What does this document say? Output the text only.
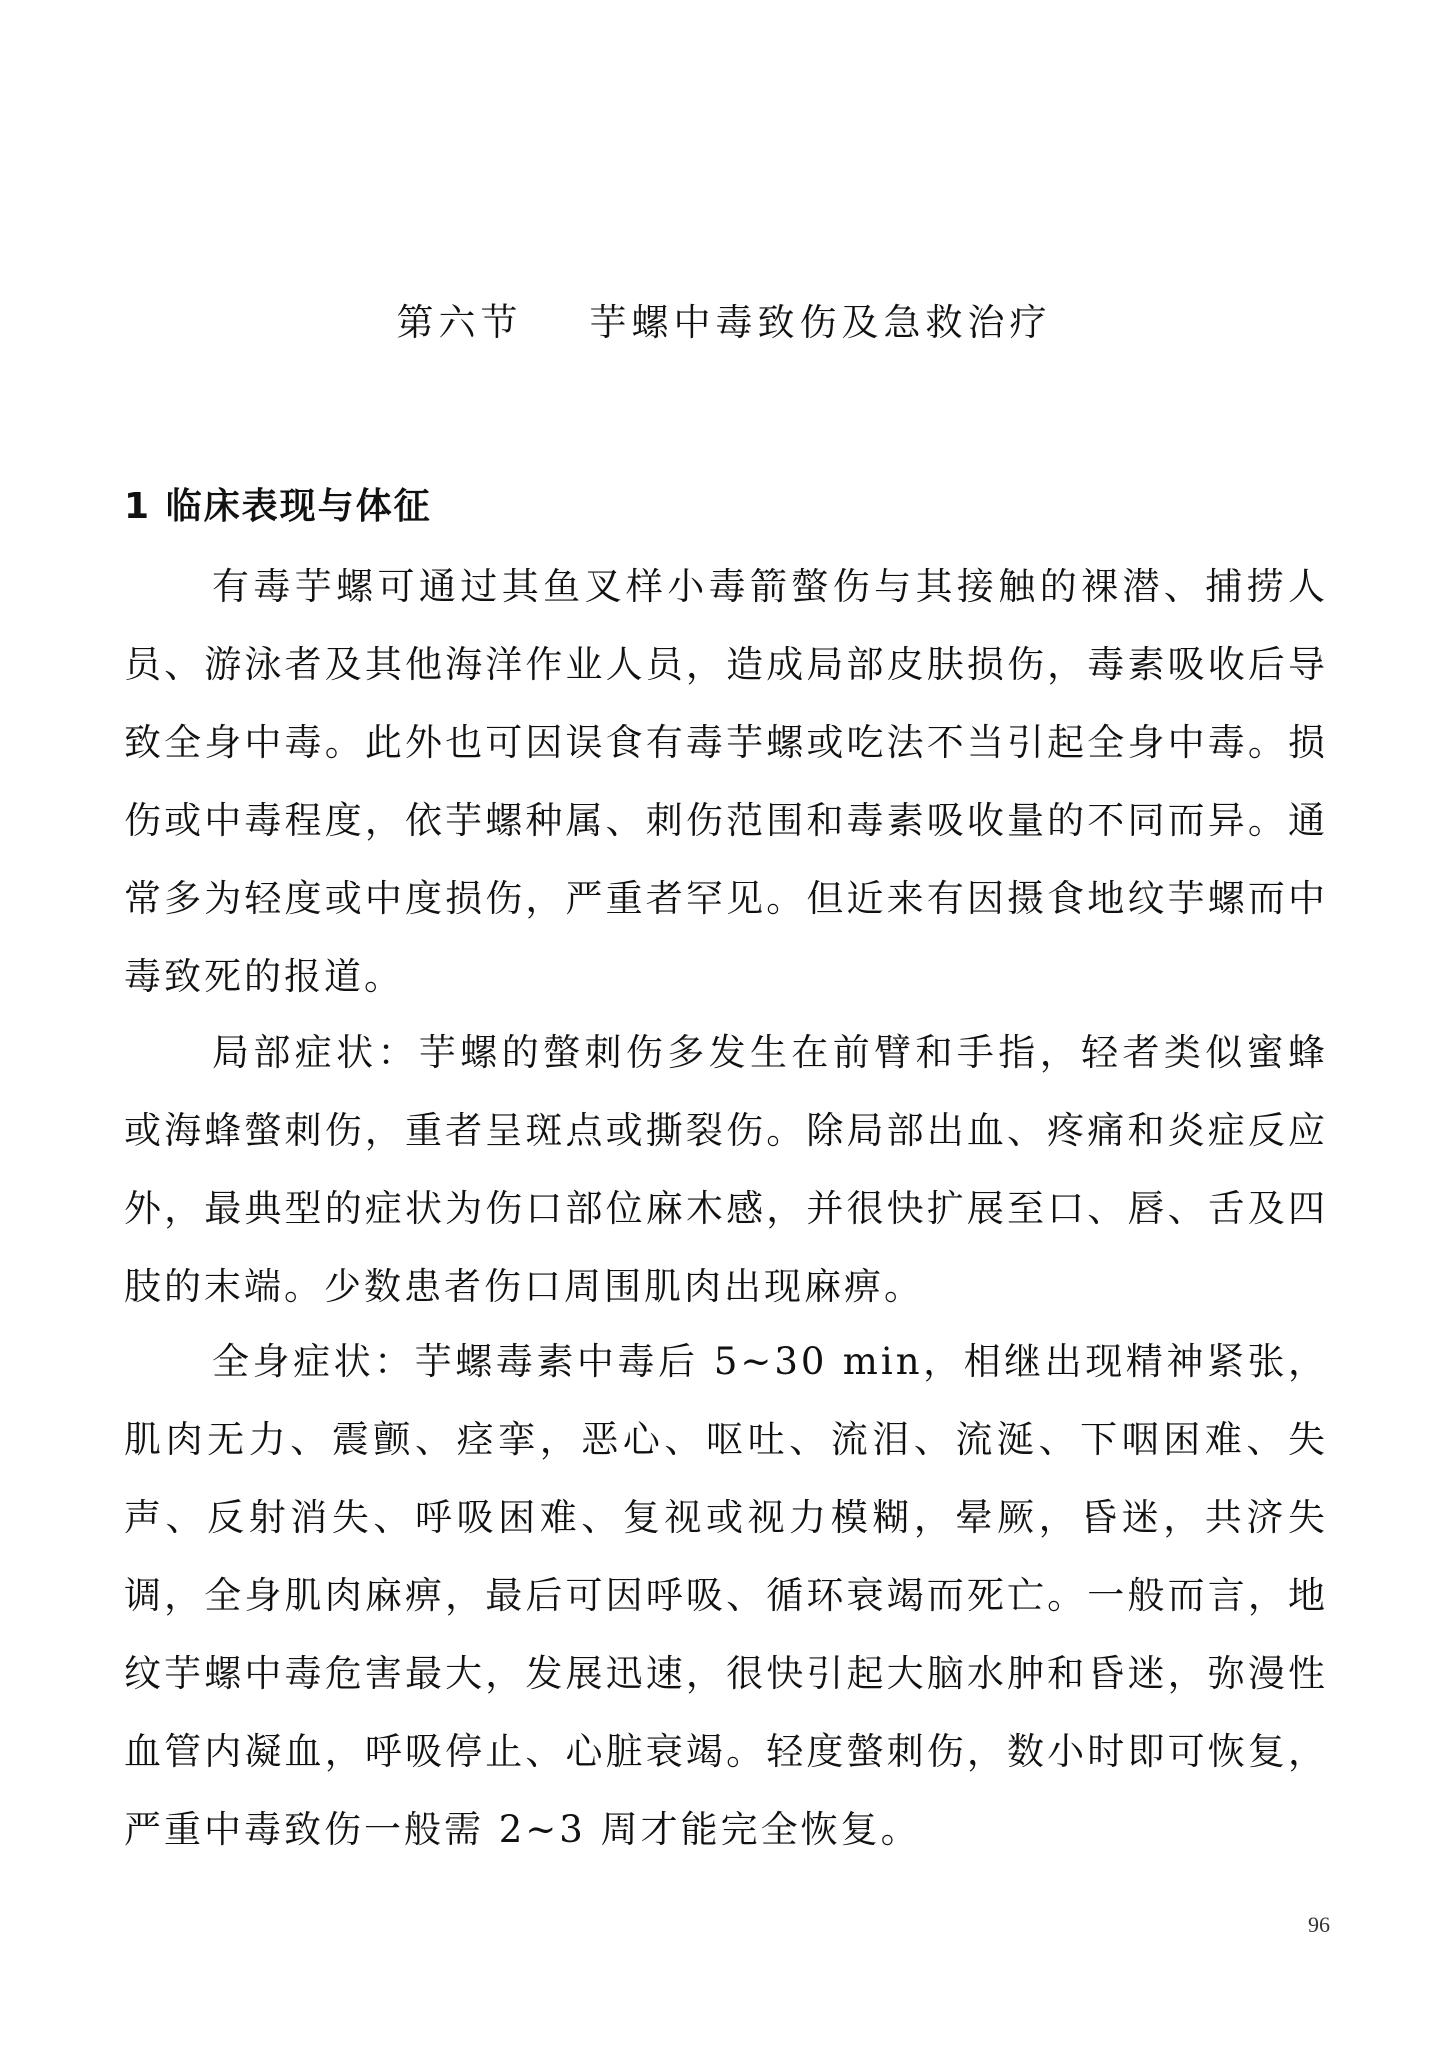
第六节    芋螺中毒致伤及急救治疗
1 临床表现与体征

有毒芋螺可通过其鱼叉样小毒箭螫伤与其接触的裸潜、捕捞人员、游泳者及其他海洋作业人员，造成局部皮肤损伤，毒素吸收后导致全身中毒。此外也可因误食有毒芋螺或吃法不当引起全身中毒。损伤或中毒程度，依芋螺种属、刺伤范围和毒素吸收量的不同而异。通常多为轻度或中度损伤，严重者罕见。但近来有因摄食地纹芋螺而中毒致死的报道。

局部症状：芋螺的螫刺伤多发生在前臂和手指，轻者类似蜜蜂或海蜂螫刺伤，重者呈斑点或撕裂伤。除局部出血、疼痛和炎症反应外，最典型的症状为伤口部位麻木感，并很快扩展至口、唇、舌及四肢的末端。少数患者伤口周围肌肉出现麻痹。

全身症状：芋螺毒素中毒后 5~30 min，相继出现精神紧张，肌肉无力、震颤、痉挛，恶心、呕吐、流泪、流涎、下咽困难、失声、反射消失、呼吸困难、复视或视力模糊，晕厥，昏迷，共济失调，全身肌肉麻痹，最后可因呼吸、循环衰竭而死亡。一般而言，地纹芋螺中毒危害最大，发展迅速，很快引起大脑水肿和昏迷，弥漫性血管内凝血，呼吸停止、心脏衰竭。轻度螫刺伤，数小时即可恢复，严重中毒致伤一般需 2~3 周才能完全恢复。

96
